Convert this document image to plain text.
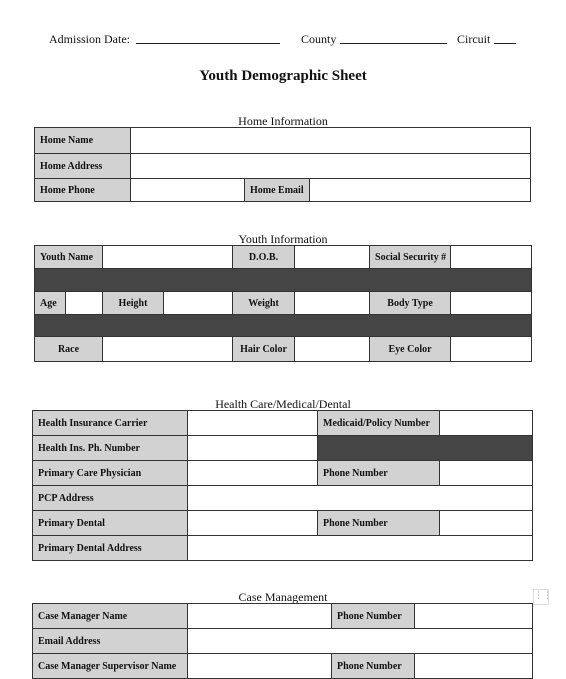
Admission Date:	County	Circuit
Youth Demographic Sheet
Home Information
Home Name			
Home Address			
Home Phone		Home Email	
Youth Information
Youth Name				D.O.B.		Social Security #	

Age		Height		Weight		Body Type	

Race				Hair Color		Eye Color	
Health Care/Medical/Dental
Health Insurance Carrier		Medicaid/Policy Number	
Health Ins. Ph. Number			
Primary Care Physician		Phone Number	
PCP Address			
Primary Dental		Phone Number	
Primary Dental Address			
Case Management	⋮⋮
Case Manager Name		Phone Number	
Email Address			
Case Manager Supervisor Name		Phone Number	
